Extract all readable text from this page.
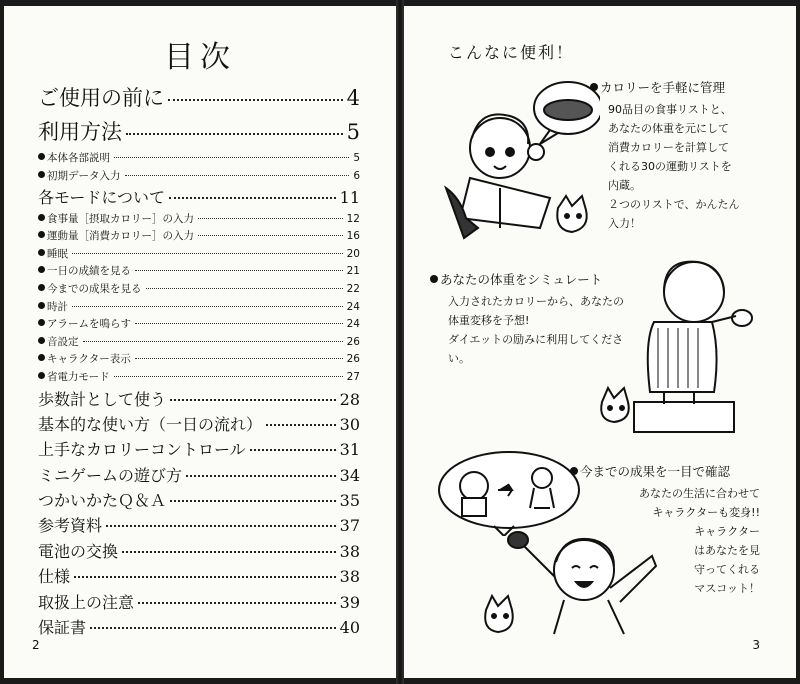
目次
ご使用の前に	4
利用方法	5
本体各部説明	5
初期データ入力	6
各モードについて	11
食事量［摂取カロリー］の入力	12
運動量［消費カロリー］の入力	16
睡眠	20
一日の成績を見る	21
今までの成果を見る	22
時計	24
アラームを鳴らす	24
音設定	26
キャラクター表示	26
省電力モード	27
歩数計として使う	28
基本的な使い方（一日の流れ）	30
上手なカロリーコントロール	31
ミニゲームの遊び方	34
つかいかたＱ＆Ａ	35
参考資料	37
電池の交換	38
仕様	38
取扱上の注意	39
保証書	40
2
こんなに便利！
カロリーを手軽に管理
90品目の食事リストと、
あなたの体重を元にして
消費カロリーを計算して
くれる30の運動リストを
内蔵。
２つのリストで、かんたん
入力！
あなたの体重をシミュレート
入力されたカロリーから、あなたの
体重変移を予想!
ダイエットの励みに利用してくださ
い。
今までの成果を一目で確認
あなたの生活に合わせて
キャラクターも変身!!
キャラクター
はあなたを見
守ってくれる
マスコット！
3
